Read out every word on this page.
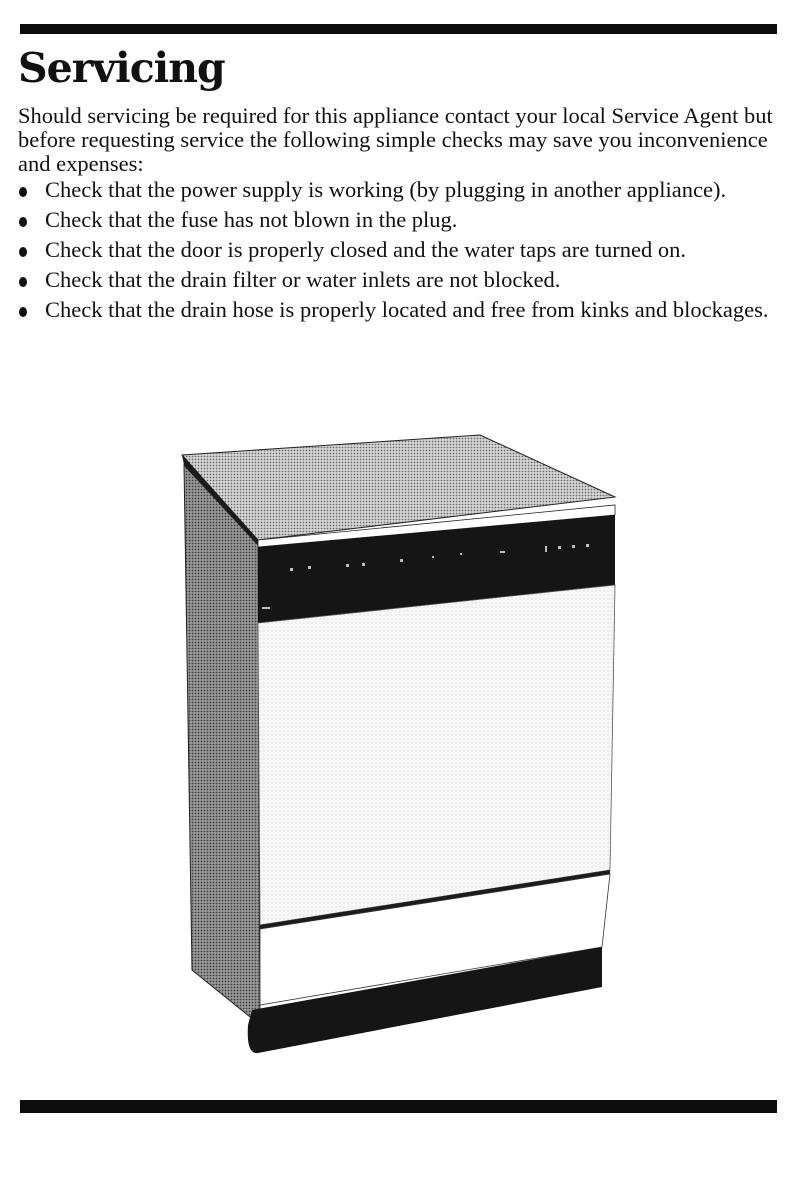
Servicing

Should servicing be required for this appliance contact your local Service Agent but before requesting service the following simple checks may save you inconvenience and expenses:

Check that the power supply is working (by plugging in another appliance).
Check that the fuse has not blown in the plug.
Check that the door is properly closed and the water taps are turned on.
Check that the drain filter or water inlets are not blocked.
Check that the drain hose is properly located and free from kinks and blockages.
